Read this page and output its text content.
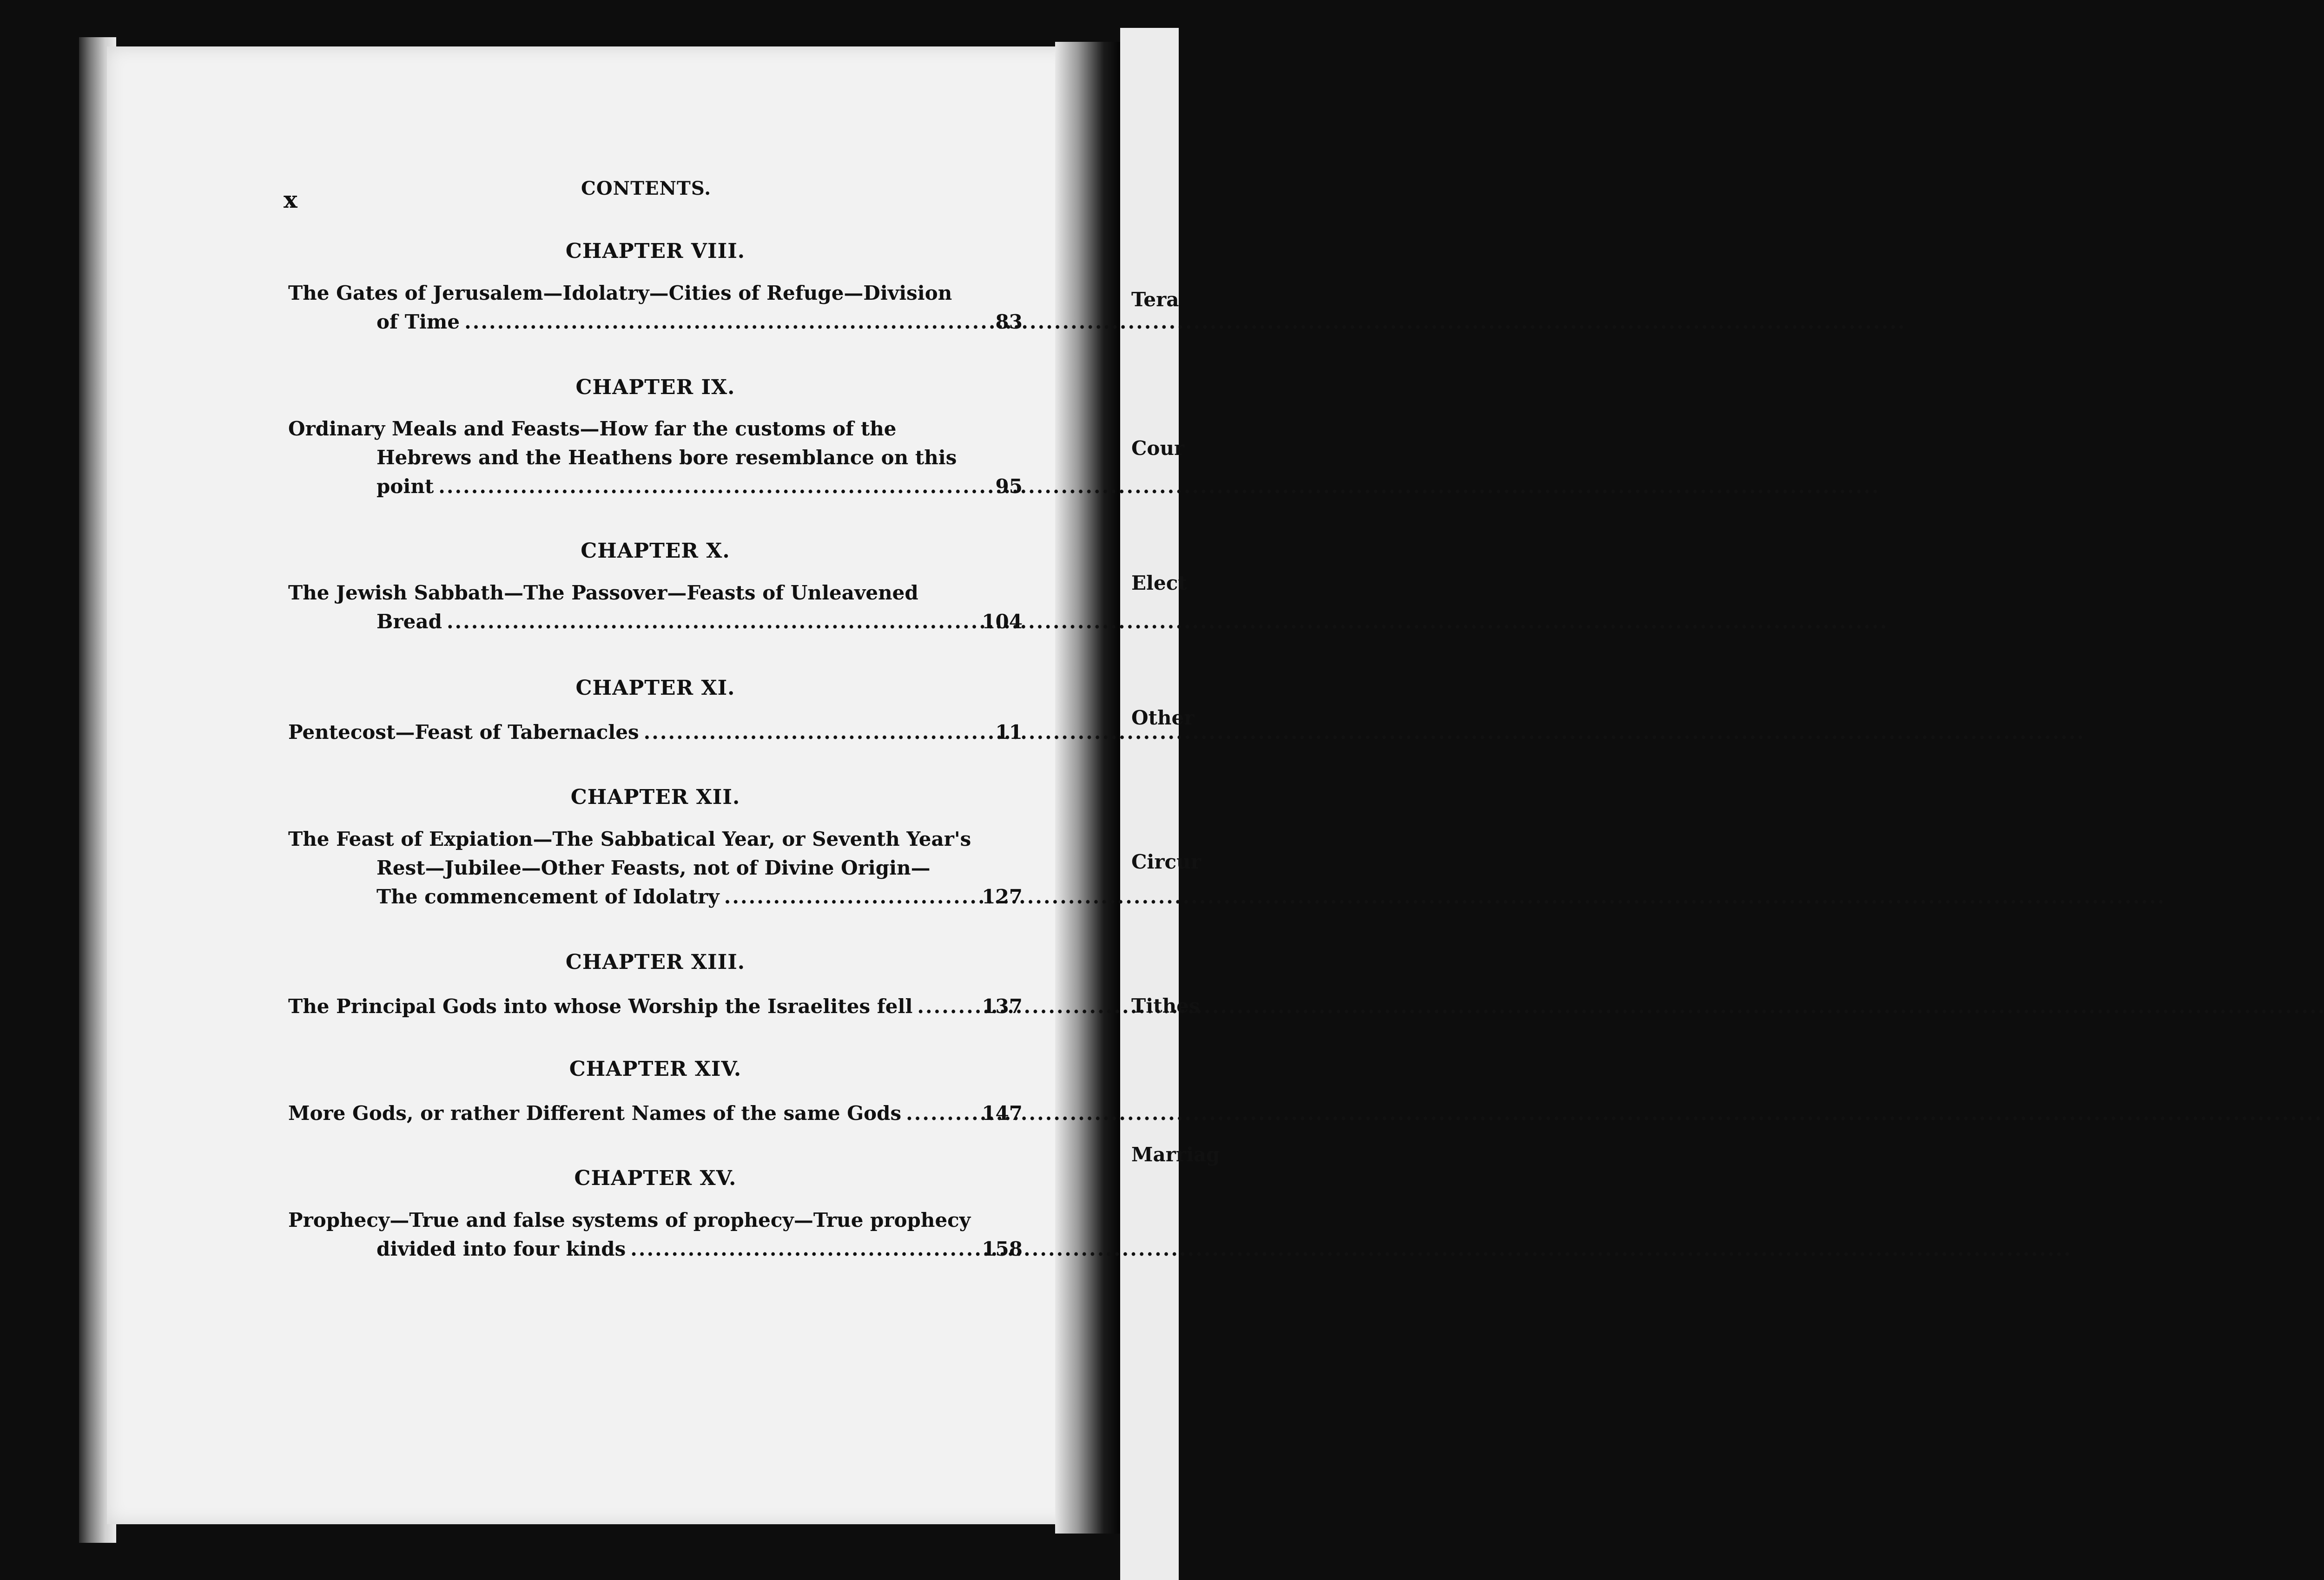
Tera
Cour
Elect
Other
Circur
Tithes
Marriag
x	CONTENTS.
CHAPTER VIII.
The Gates of Jerusalem—Idolatry—Cities of Refuge—Division
of Time .....	83
CHAPTER IX.
Ordinary Meals and Feasts—How far the customs of the
Hebrews and the Heathens bore resemblance on this
point .....	95
CHAPTER X.
The Jewish Sabbath—The Passover—Feasts of Unleavened
Bread .....	104
CHAPTER XI.
Pentecost—Feast of Tabernacles .....	11
CHAPTER XII.
The Feast of Expiation—The Sabbatical Year, or Seventh Year's
Rest—Jubilee—Other Feasts, not of Divine Origin—
The commencement of Idolatry .....	127
CHAPTER XIII.
The Principal Gods into whose Worship the Israelites fell .....	137
CHAPTER XIV.
More Gods, or rather Different Names of the same Gods .....	147
CHAPTER XV.
Prophecy—True and false systems of prophecy—True prophecy
divided into four kinds .....	158
